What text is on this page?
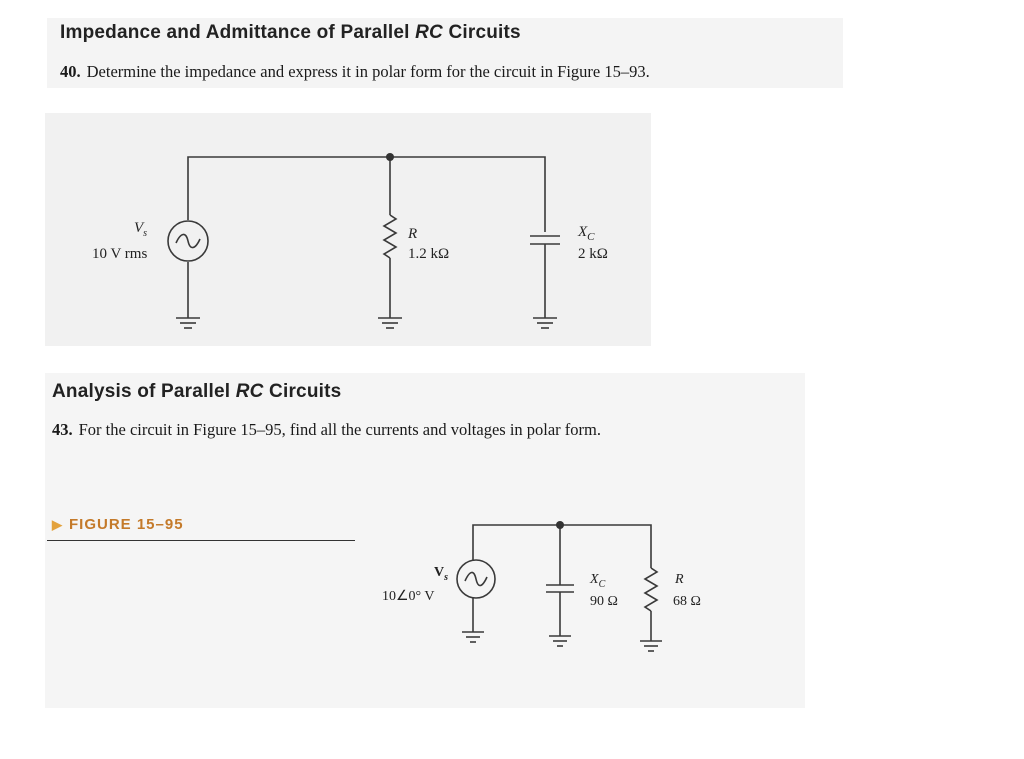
Impedance and Admittance of Parallel RC Circuits
40. Determine the impedance and express it in polar form for the circuit in Figure 15–93.
Analysis of Parallel RC Circuits
43. For the circuit in Figure 15–95, find all the currents and voltages in polar form.
▶ FIGURE 15–95
$V_s$
10 V rms
R
1.2 kΩ
$X_C$
2 kΩ
$V_s$
10∠0° V
$X_C$
90 Ω
R
68 Ω
